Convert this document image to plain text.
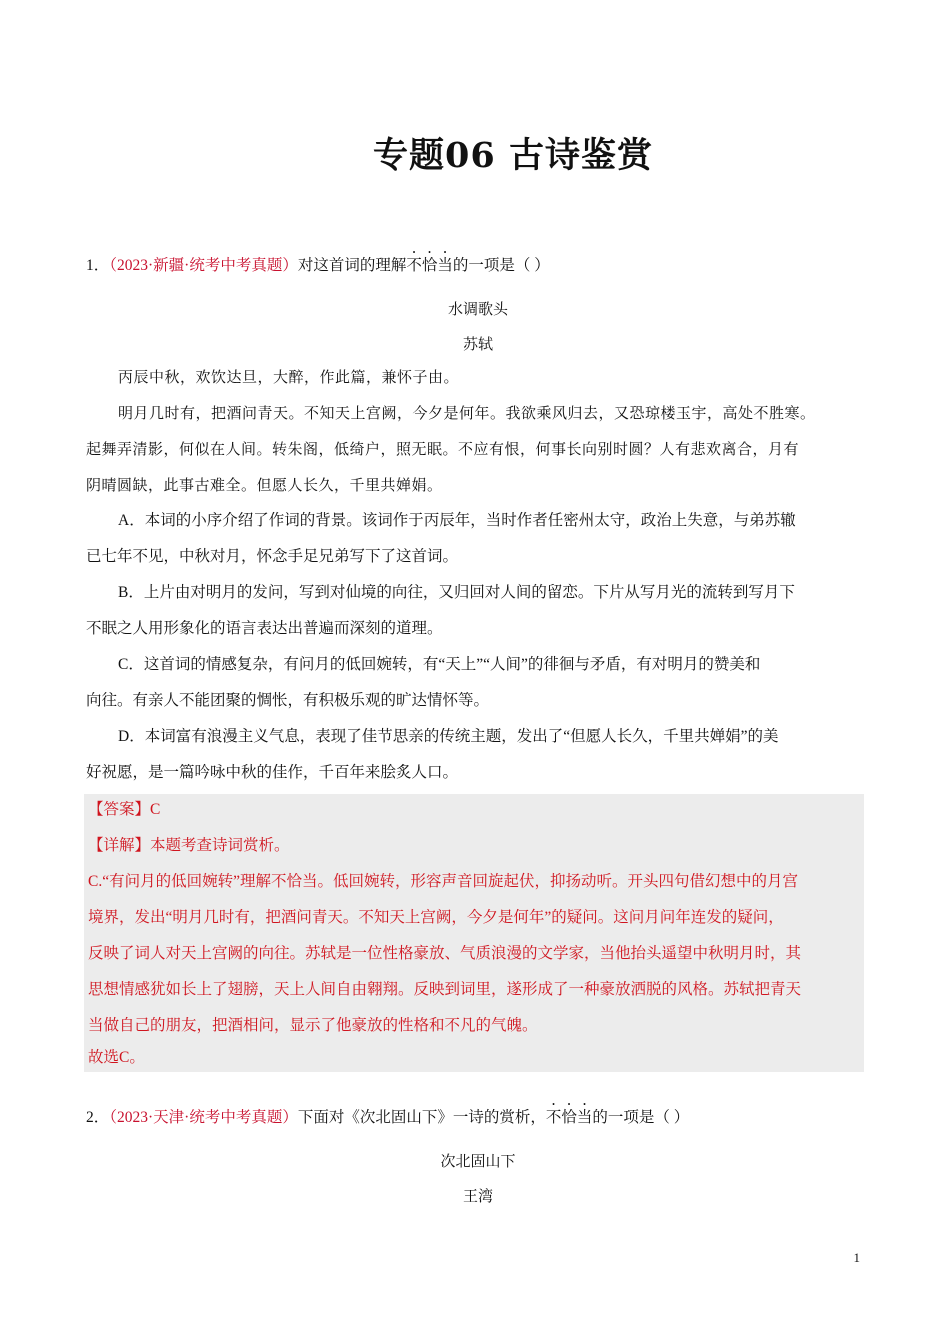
专题06 古诗鉴赏
1．（2023·新疆·统考中考真题）对这首词的理解不恰当的一项是（ ）
水调歌头
苏轼
丙辰中秋，欢饮达旦，大醉，作此篇，兼怀子由。
明月几时有，把酒问青天。不知天上宫阙，今夕是何年。我欲乘风归去，又恐琼楼玉宇，高处不胜寒。
起舞弄清影，何似在人间。转朱阁，低绮户，照无眠。不应有恨，何事长向别时圆？人有悲欢离合，月有
阴晴圆缺，此事古难全。但愿人长久，千里共婵娟。
A．本词的小序介绍了作词的背景。该词作于丙辰年，当时作者任密州太守，政治上失意，与弟苏辙
已七年不见，中秋对月，怀念手足兄弟写下了这首词。
B．上片由对明月的发问，写到对仙境的向往，又归回对人间的留恋。下片从写月光的流转到写月下
不眠之人用形象化的语言表达出普遍而深刻的道理。
C．这首词的情感复杂，有问月的低回婉转，有“天上”“人间”的徘徊与矛盾，有对明月的赞美和
向往。有亲人不能团聚的惆怅，有积极乐观的旷达情怀等。
D．本词富有浪漫主义气息，表现了佳节思亲的传统主题，发出了“但愿人长久，千里共婵娟”的美
好祝愿，是一篇吟咏中秋的佳作，千百年来脍炙人口。
【答案】C
【详解】本题考查诗词赏析。
C.“有问月的低回婉转”理解不恰当。低回婉转，形容声音回旋起伏，抑扬动听。开头四句借幻想中的月宫
境界，发出“明月几时有，把酒问青天。不知天上宫阙，今夕是何年”的疑问。这问月问年连发的疑问，
反映了词人对天上宫阙的向往。苏轼是一位性格豪放、气质浪漫的文学家，当他抬头遥望中秋明月时，其
思想情感犹如长上了翅膀，天上人间自由翱翔。反映到词里，遂形成了一种豪放洒脱的风格。苏轼把青天
当做自己的朋友，把酒相问，显示了他豪放的性格和不凡的气魄。
故选C。
2．（2023·天津·统考中考真题）下面对《次北固山下》一诗的赏析，不恰当的一项是（ ）
次北固山下
王湾
1
